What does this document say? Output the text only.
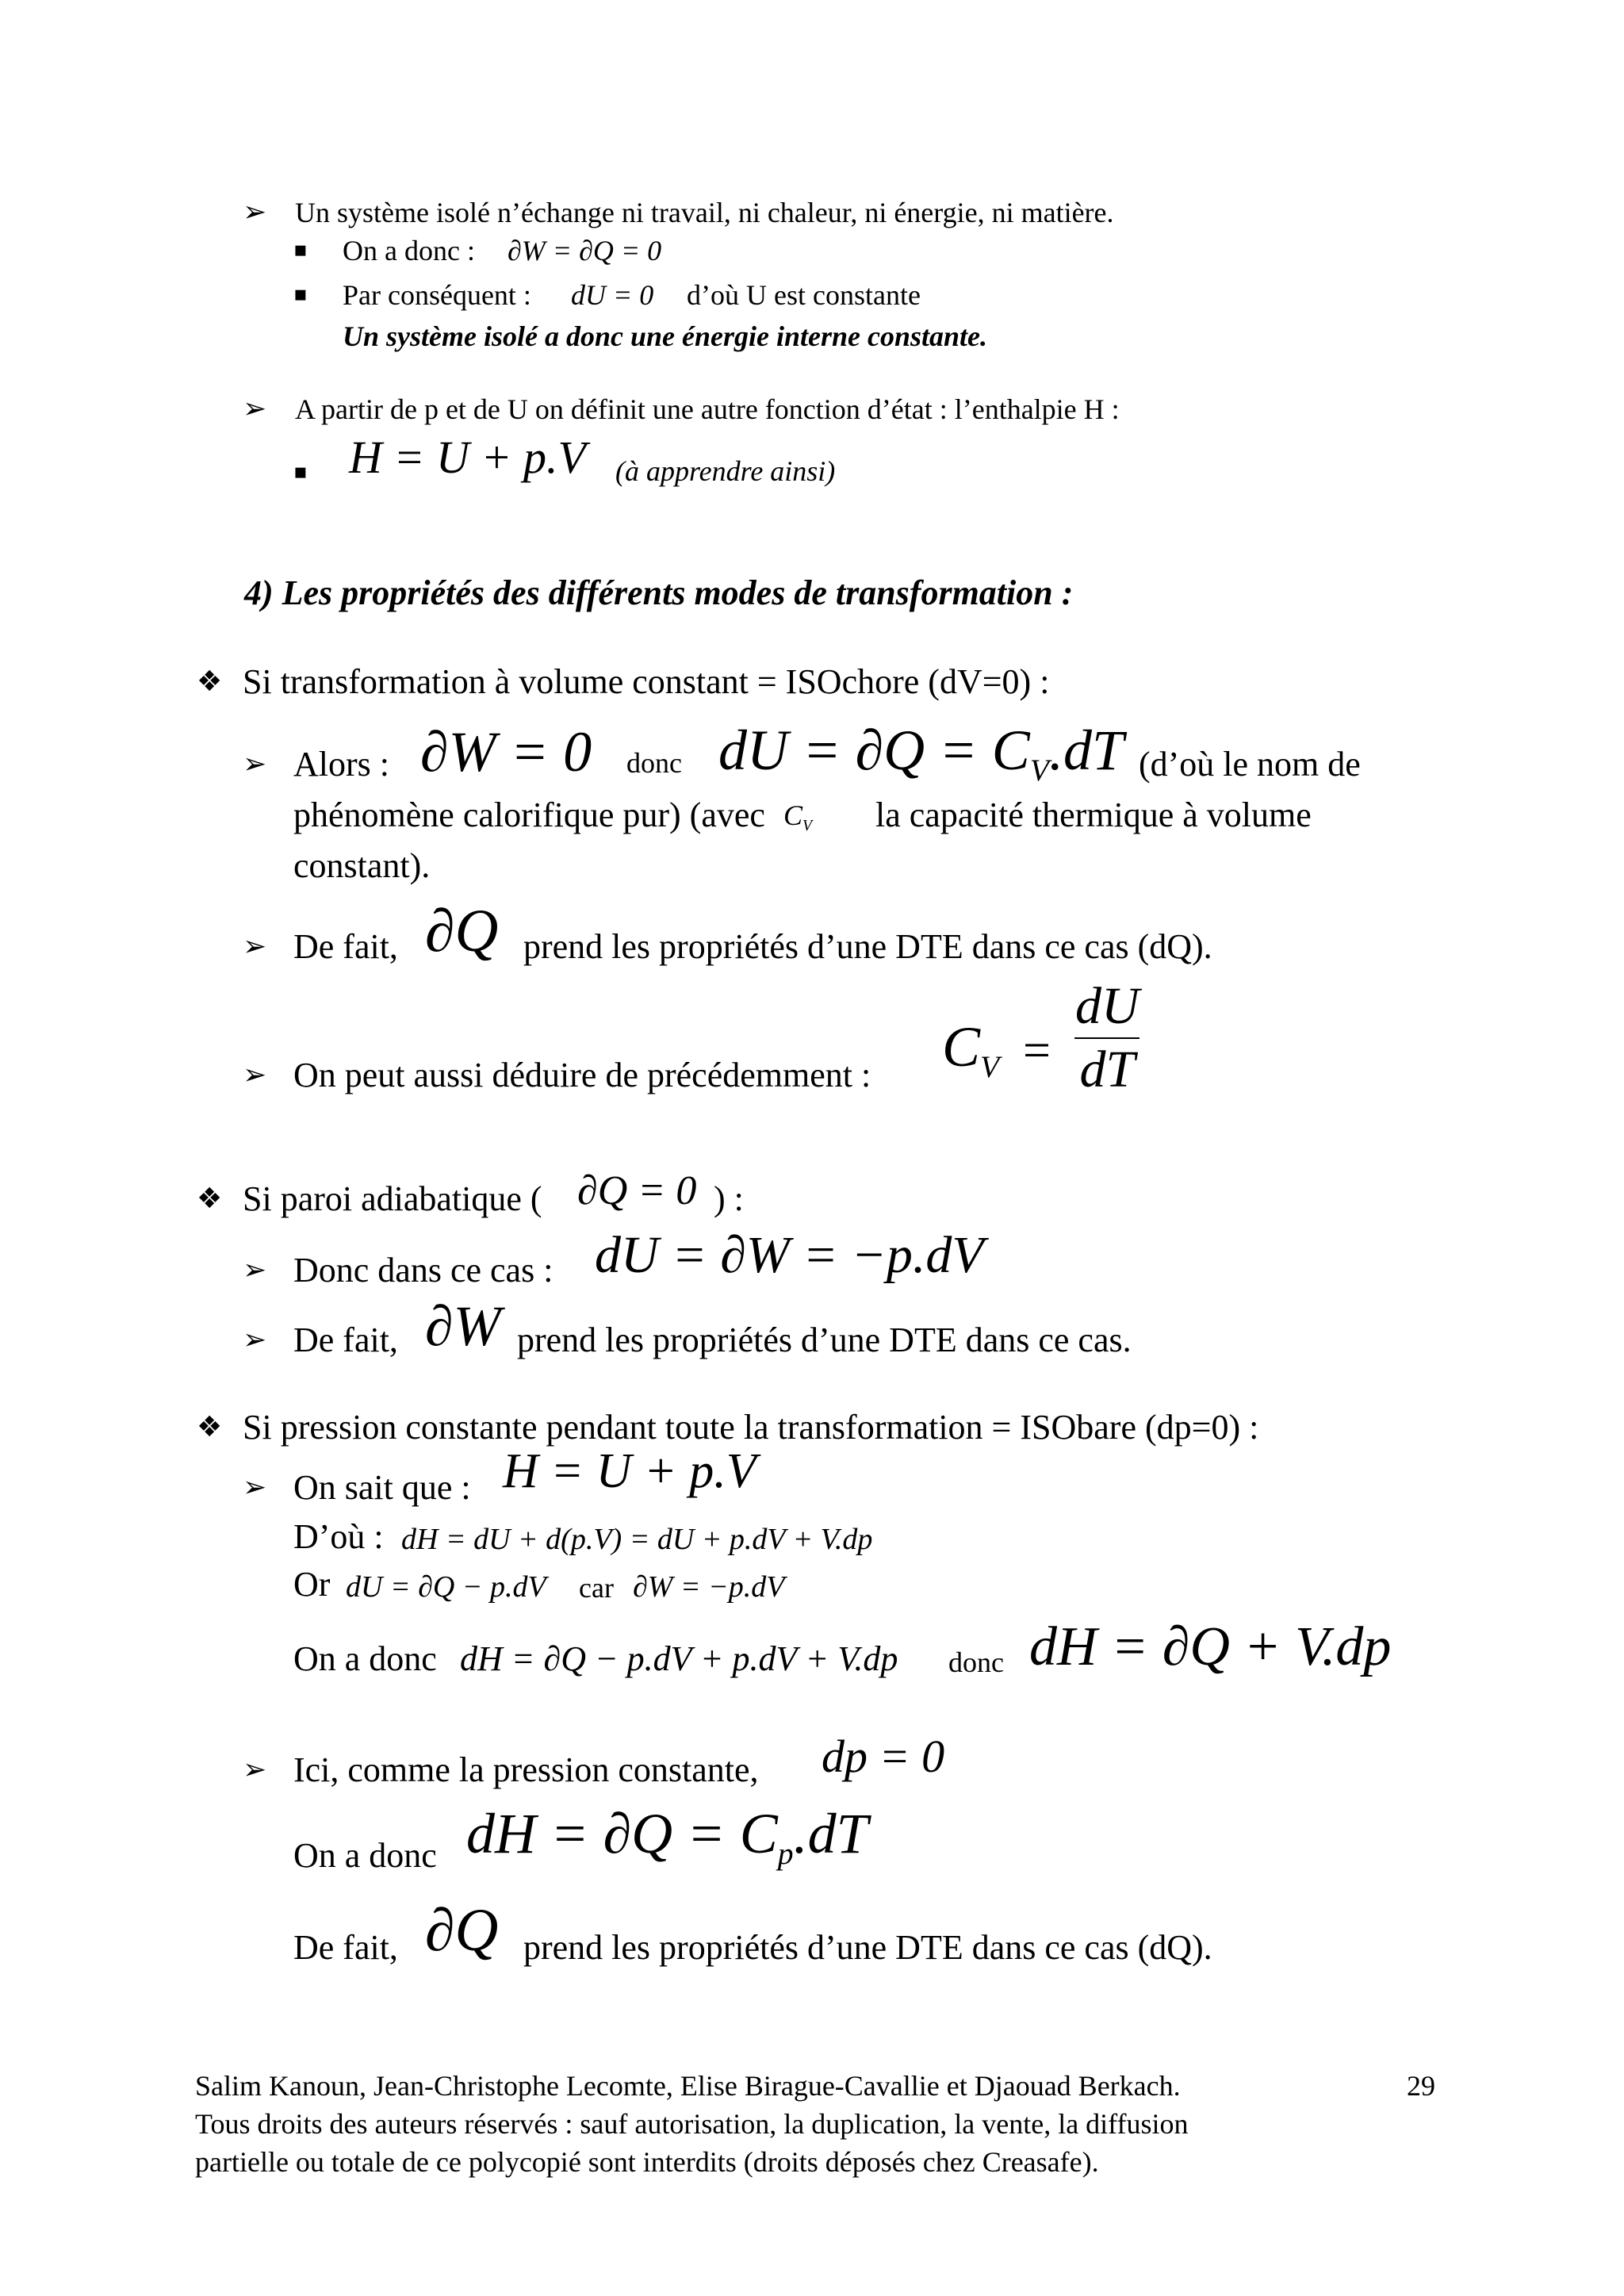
➢ Un système isolé n’échange ni travail, ni chaleur, ni énergie, ni matière.
▪ On a donc : ∂W = ∂Q = 0
▪ Par conséquent : dU = 0 d’où U est constante
Un système isolé a donc une énergie interne constante.
➢ A partir de p et de U on définit une autre fonction d’état : l’enthalpie H :
▪ H = U + p.V (à apprendre ainsi)
4) Les propriétés des différents modes de transformation :
❖ Si transformation à volume constant = ISOchore (dV=0) :
➢ Alors : ∂W = 0 donc dU = $\partial Q = C_V.dT$ (d’où le nom de
phénomène calorifique pur) (avec $C_V$ la capacité thermique à volume
constant).
➢ De fait, ∂Q prend les propriétés d’une DTE dans ce cas (dQ).
➢ On peut aussi déduire de précédemment : $C_V = \frac{dU}{dT}$
❖ Si paroi adiabatique ( ∂Q = 0 ) :
➢ Donc dans ce cas : dU = ∂W = −p.dV
➢ De fait, ∂W prend les propriétés d’une DTE dans ce cas.
❖ Si pression constante pendant toute la transformation = ISObare (dp=0) :
➢ On sait que : H = U + p.V
D’où : dH = dU + d(p.V) = dU + p.dV + V.dp
Or dU = ∂Q − p.dV car ∂W = −p.dV
On a donc dH = ∂Q − p.dV + p.dV + V.dp donc dH = ∂Q + V.dp
➢ Ici, comme la pression constante, dp = 0
On a donc dH = $\partial Q = C_p.dT$
De fait, ∂Q prend les propriétés d’une DTE dans ce cas (dQ).
Salim Kanoun, Jean-Christophe Lecomte, Elise Birague-Cavallie et Djaouad Berkach.	29
Tous droits des auteurs réservés : sauf autorisation, la duplication, la vente, la diffusion
partielle ou totale de ce polycopié sont interdits (droits déposés chez Creasafe).
